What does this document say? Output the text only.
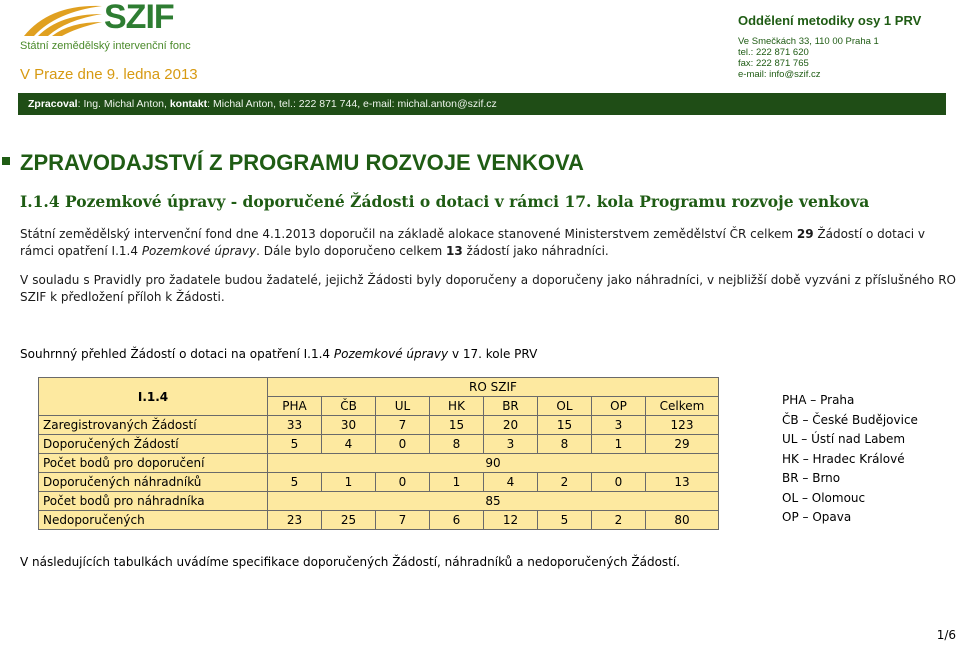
SZIF
Státní zemědělský intervenční fonc
V Praze dne 9. ledna 2013
Oddělení metodiky osy 1 PRV
Ve Smečkách 33, 110 00 Praha 1
tel.: 222 871 620
fax: 222 871 765
e-mail: info@szif.cz
Zpracoval: Ing. Michal Anton, kontakt: Michal Anton, tel.: 222 871 744, e-mail: michal.anton@szif.cz
ZPRAVODAJSTVÍ Z PROGRAMU ROZVOJE VENKOVA
I.1.4 Pozemkové úpravy - doporučené Žádosti o dotaci v rámci 17. kola Programu rozvoje venkova
Státní zemědělský intervenční fond dne 4.1.2013 doporučil na základě alokace stanovené Ministerstvem zemědělství ČR celkem 29 Žádostí o dotaci v rámci opatření I.1.4 Pozemkové úpravy. Dále bylo doporučeno celkem 13 žádostí jako náhradníci.
V souladu s Pravidly pro žadatele budou žadatelé, jejichž Žádosti byly doporučeny a doporučeny jako náhradníci, v nejbližší době vyzváni z příslušného RO SZIF k předložení příloh k Žádosti.
Souhrnný přehled Žádostí o dotaci na opatření I.1.4 Pozemkové úpravy v 17. kole PRV
I.1.4	RO SZIF							
	PHA	ČB	UL	HK	BR	OL	OP	Celkem
Zaregistrovaných Žádostí	33	30	7	15	20	15	3	123
Doporučených Žádostí	5	4	0	8	3	8	1	29
Počet bodů pro doporučení	90							
Doporučených náhradníků	5	1	0	1	4	2	0	13
Počet bodů pro náhradníka	85							
Nedoporučených	23	25	7	6	12	5	2	80
PHA – Praha
ČB – České Budějovice
UL – Ústí nad Labem
HK – Hradec Králové
BR – Brno
OL – Olomouc
OP – Opava
V následujících tabulkách uvádíme specifikace doporučených Žádostí, náhradníků a nedoporučených Žádostí.
1/6
